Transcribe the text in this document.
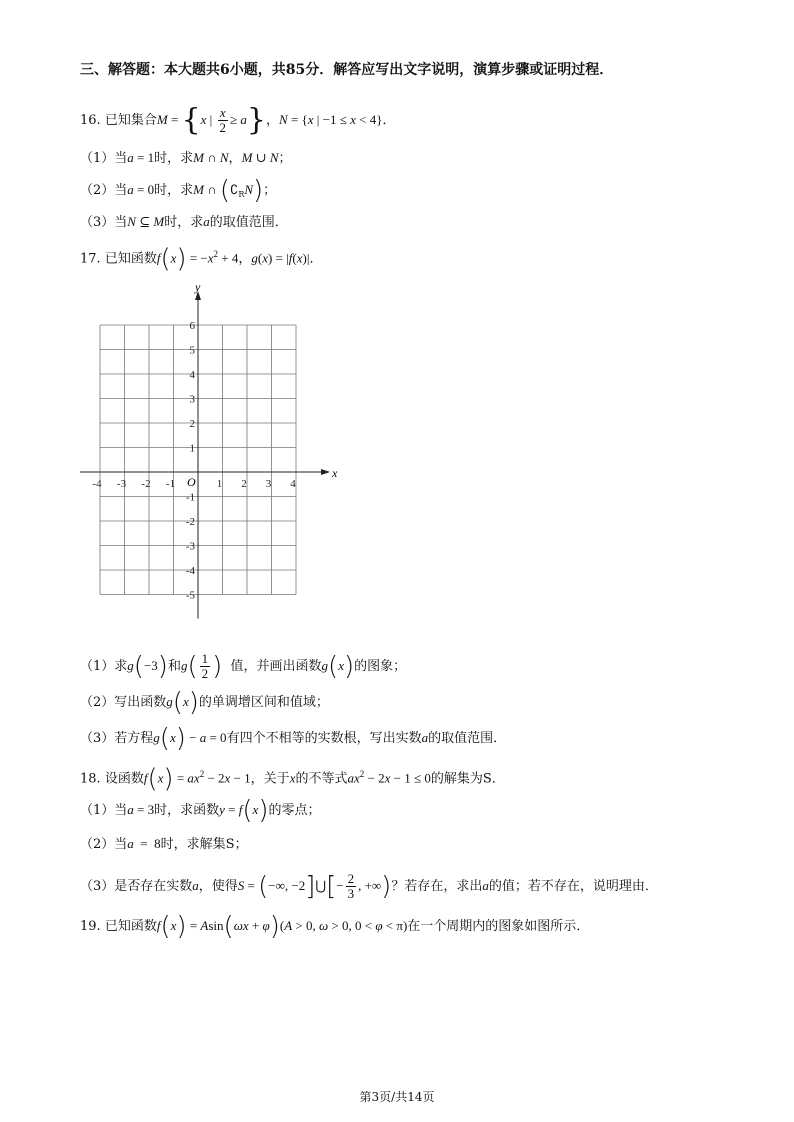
三、解答题：本大题共6小题，共85分．解答应写出文字说明，演算步骤或证明过程．
16. 已知集合M = {x | $\frac{x}{2} \ge a$}，N = {x | −1 ≤ x < 4}．
（1）当a = 1时，求M ∩ N，M ∪ N；
（2）当a = 0时，求M ∩ $(∁_RN)$；
（3）当N ⊆ M时，求a的取值范围．
17. 已知函数$f(x) = -x^2 + 4$，g(x) = |f(x)|．
-4 -3 -2 -1	1 2 3 4
6
5
4
3
2
1
-1
-2
-3
-4
-5
x
y
O
（1）求g(−3)和$g( \frac{1}{2}$ ) 值，并画出函数g(x)的图象；
（2）写出函数g(x)的单调增区间和值域；
（3）若方程g(x) − a = 0有四个不相等的实数根，写出实数a的取值范围．
18. 设函数$f(x) = ax^2 - 2x - 1$，关于x的不等式$ax^2 - 2x - 1 \le 0$的解集为S．
（1）当a = 3时，求函数y = f(x)的零点；
（2）当a  =  8时，求解集S；
（3）是否存在实数a，使得S = (−∞, −2]⋃[− $\frac{2}{3}$ , +∞)？若存在，求出a的值；若不存在，说明理由．
19. 已知函数f(x) = Asin(ωx + φ)(A > 0, ω > 0, 0 < φ < π)在一个周期内的图象如图所示．
第3页/共14页
